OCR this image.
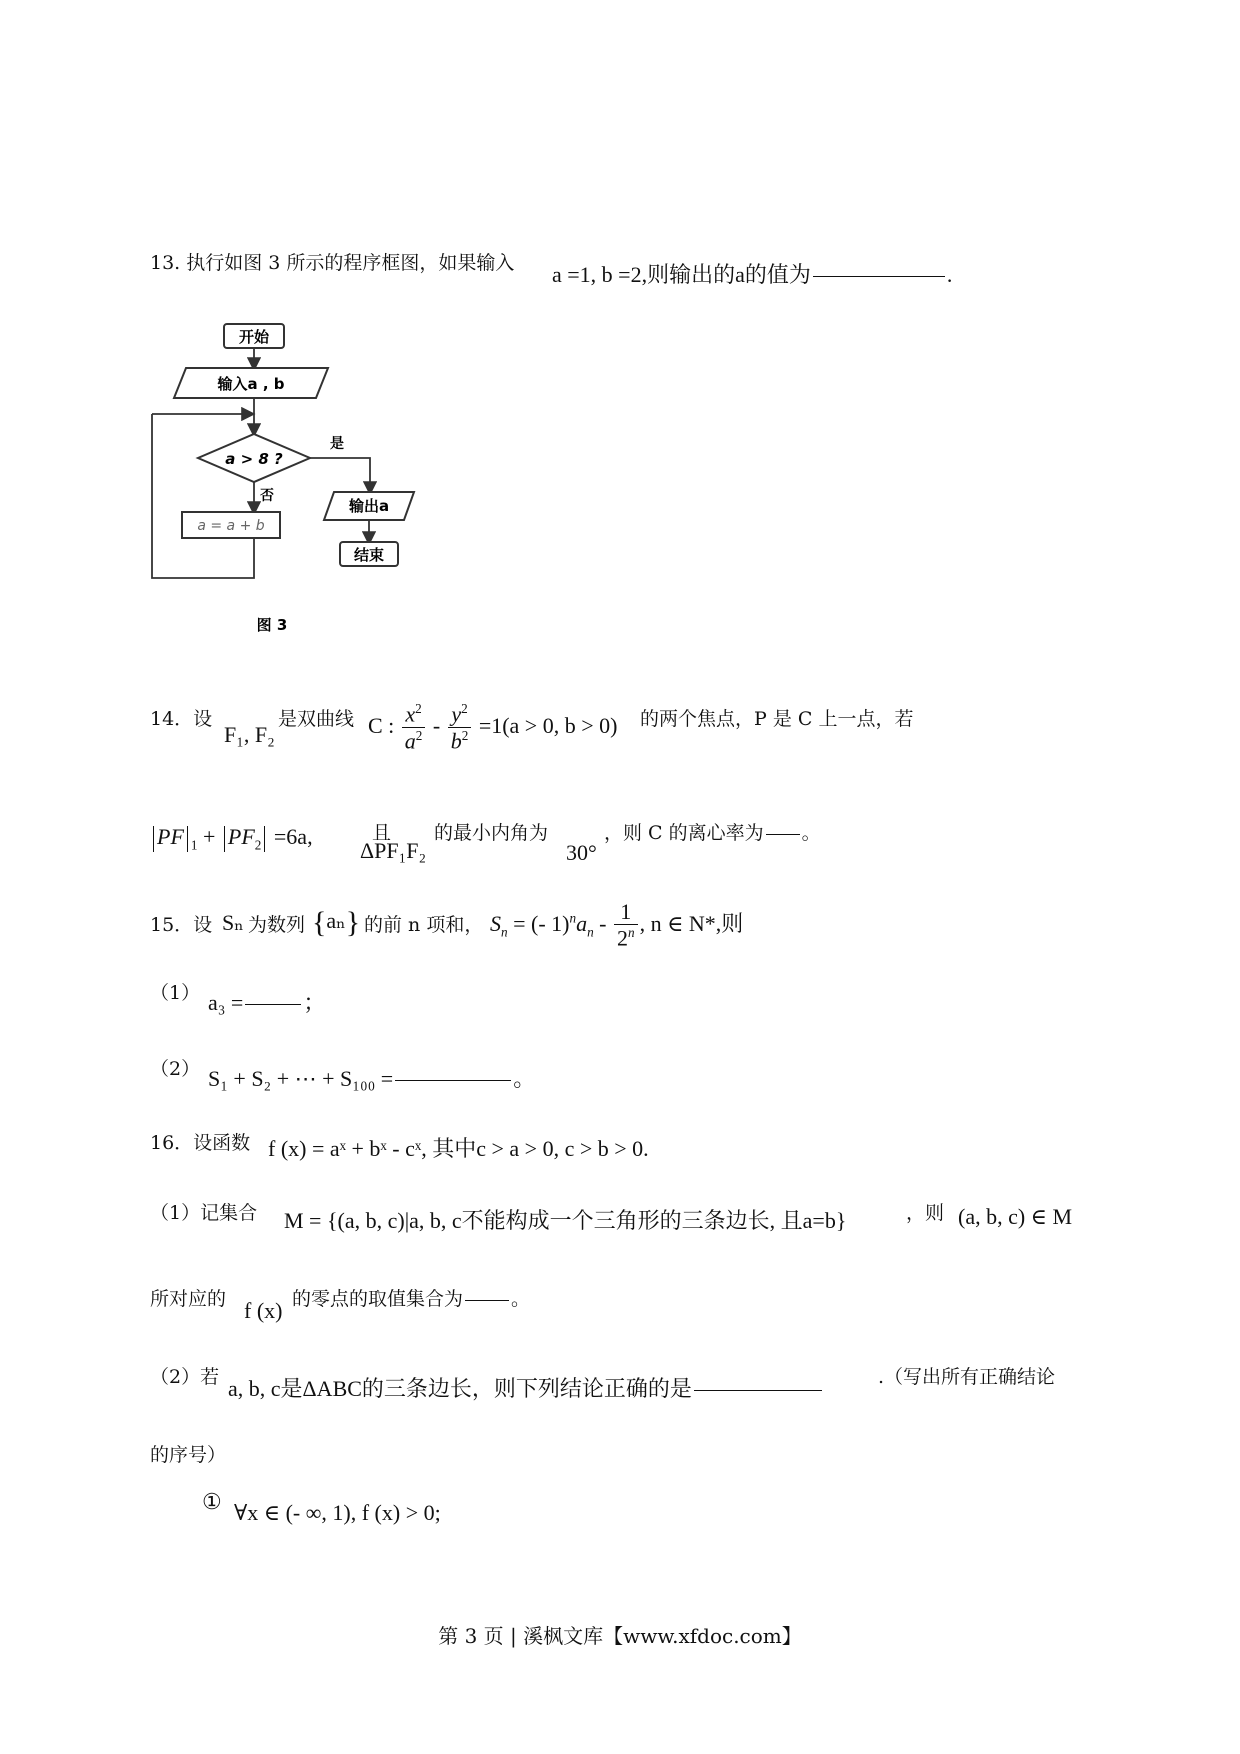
13. 执行如图 3 所示的程序框图，如果输入 a =1, b =2,则输出的a的值为	.
开始
输入a , b
a > 8 ?
是
输出a
结束
否
a = a + b
图 3
14．设
F₁, F₂
是双曲线 C : $\frac{x^2}{a^2} - \frac{y^2}{b^2} =1(a > 0$, b > 0) 的两个焦点，P 是 C 上一点，若
PF $_1 + PF_2 =6a$,	且
ΔPF₁F₂
的最小内角为
30°
，则 C 的离心率为 。
15．设 Sₙ 为数列 {aₙ} 的前 n 项和， $S_n$ = (- $1)^na_n - \frac{1}{2^n}$ , n ∈ N*,则
（1） a₃ =	；
（2） S₁ + S₂ + ⋯ + S₁₀₀ =	。
16．设函数 f (x) = aˣ + bˣ - cˣ, 其中c > a > 0, c > b > 0.
（1）记集合 M = {(a, b, c)|a, b, c不能构成一个三角形的三条边长, 且a=b}	，则 (a, b, c) ∈ M
所对应的 f (x) 的零点的取值集合为	。
（2）若 a, b, c是ΔABC的三条边长，则下列结论正确的是	.（写出所有正确结论
的序号）
① ∀x ∈ (- ∞, 1), f (x) > 0;
第 3 页 | 溪枫文库【www.xfdoc.com】
